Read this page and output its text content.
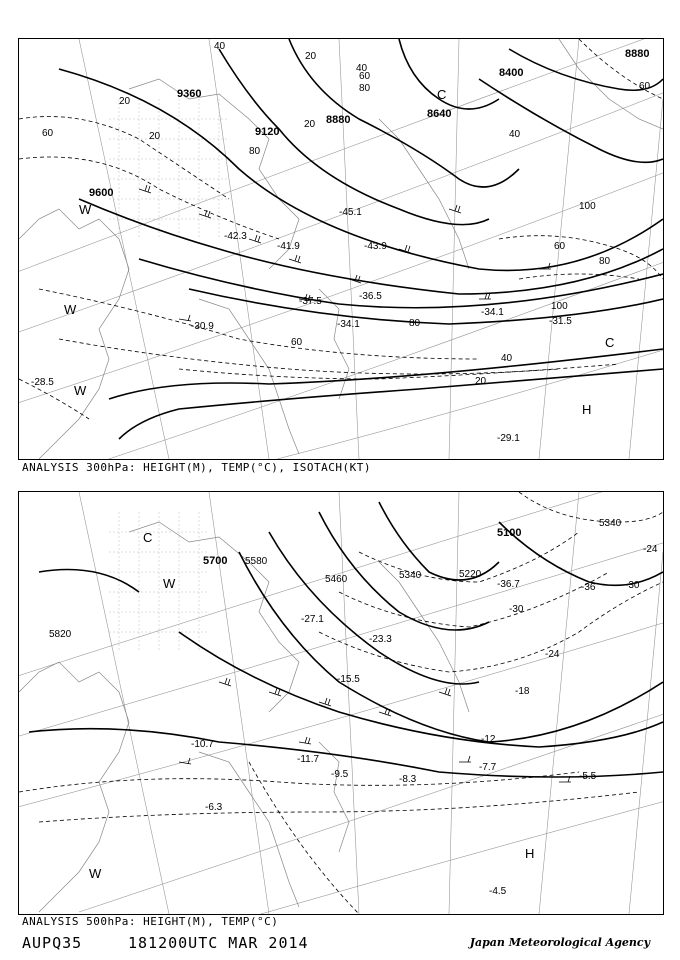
9360
9120
8880	8640
8400
8880
9600
40
20
60
80
20
40
20
60
80
100
40
60
80
100
60
40
20
20
80
60
-42.3
-41.9
-37.5
-34.1
-30.9
-36.5
-34.1
-31.5
-28.5
-45.1
-43.9
-29.1
W
W
W
C
C
H
ANALYSIS 300hPa: HEIGHT(M), TEMP(°C), ISOTACH(KT)
5700 5580
5460	5340	5220
5100
5820
5340
-24
-30
-36
-30
-24
-18
-12
-27.1
-23.3
-15.5
-11.7
-10.7
-8.3
-7.7
-5.5
-4.5
-6.3
-9.5
-36.7
C
W
W
H
ANALYSIS 500hPa: HEIGHT(M), TEMP(°C)
AUPQ35	181200UTC MAR 2014	Japan Meteorological Agency
